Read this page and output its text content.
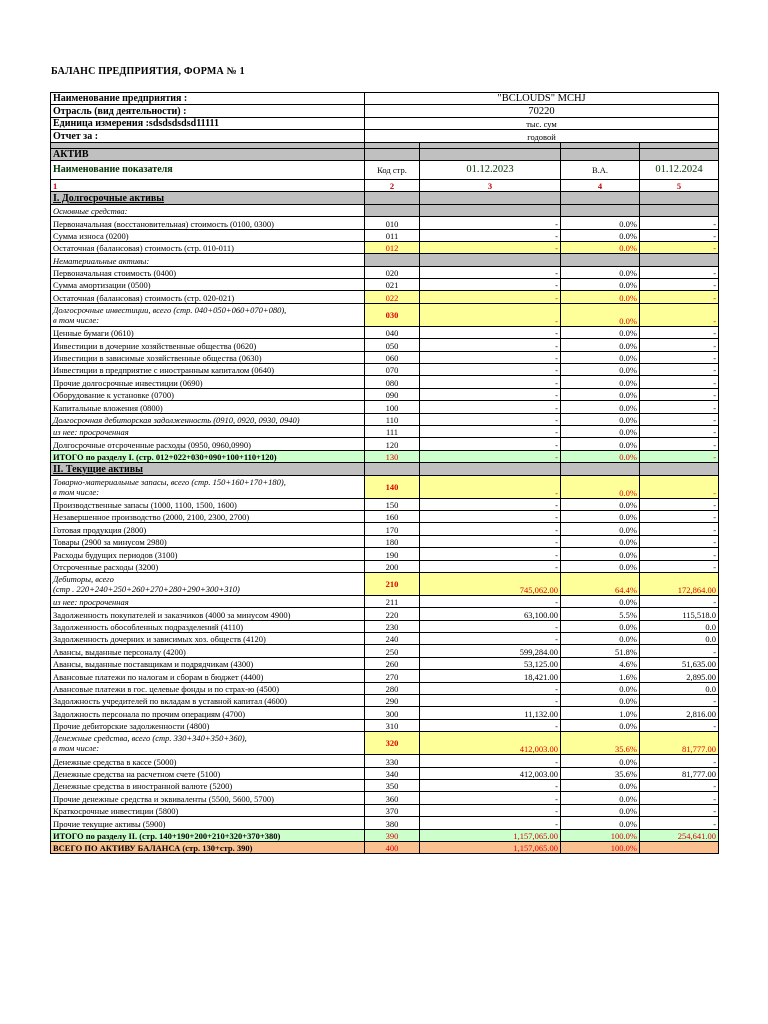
БАЛАНС ПРЕДПРИЯТИЯ, ФОРМА № 1
Наименование предприятия :	"BCLOUDS" MCHJ			
Отрасль (вид деятельности) :	70220			
Единица измерения :sdsdsdsdsd11111	тыс. сум			
Отчет за :	годовой			

АКТИВ				
Наименование показателя	Код стр.	01.12.2023	В.А.	01.12.2024
1	2	3	4	5
I. Долгосрочные активы				
Основные средства:				
Первоначальная (восстановительная) стоимость (0100, 0300)	010	-	0.0%	-
Сумма износа (0200)	011	-	0.0%	-
Остаточная (балансовая) стоимость (стр. 010-011)	012	-	0.0%	-
Нематериальные активы:				
Первоначальная стоимость (0400)	020	-	0.0%	-
Сумма амортизации (0500)	021	-	0.0%	-
Остаточная (балансовая) стоимость (стр. 020-021)	022	-	0.0%	-

Долгосрочные инвестиции, всего (стр. 040+050+060+070+080),
в том числе:	030	-	0.0%	-
Ценные бумаги (0610)	040	-	0.0%	-
Инвестиции в дочерние хозяйственные общества (0620)	050	-	0.0%	-
Инвестиции в зависимые хозяйственные общества (0630)	060	-	0.0%	-
Инвестиции в предприятие с иностранным капиталом (0640)	070	-	0.0%	-
Прочие долгосрочные инвестиции (0690)	080	-	0.0%	-
Оборудование к установке (0700)	090	-	0.0%	-
Капитальные вложения (0800)	100	-	0.0%	-
Долгосрочная дебиторская задолженность (0910, 0920, 0930, 0940)	110	-	0.0%	-
из нее: просроченная	111	-	0.0%	-
Долгосрочные отсроченные расходы (0950, 0960,0990)	120	-	0.0%	-
ИТОГО по разделу I. (стр. 012+022+030+090+100+110+120)	130	-	0.0%	-
II. Текущие активы				

Товарно-материальные запасы, всего (стр. 150+160+170+180),
в том числе:	140	-	0.0%	-
Производственные запасы (1000, 1100, 1500, 1600)	150	-	0.0%	-
Незавершенное производство (2000, 2100, 2300, 2700)	160	-	0.0%	-
Готовая продукция (2800)	170	-	0.0%	-
Товары (2900 за минусом 2980)	180	-	0.0%	-
Расходы будущих периодов (3100)	190	-	0.0%	-
Отсроченные расходы (3200)	200	-	0.0%	-

Дебиторы, всего
(стр . 220+240+250+260+270+280+290+300+310)	210	745,062.00	64.4%	172,864.00
из нее: просроченная	211	-	0.0%	-
Задолженность покупателей и заказчиков (4000 за минусом 4900)	220	63,100.00	5.5%	115,518.0
Задолженность обособленных подразделений (4110)	230	-	0.0%	0.0
Задолженность дочерних и зависимых хоз. обществ (4120)	240	-	0.0%	0.0
Авансы, выданные персоналу (4200)	250	599,284.00	51.8%	-
Авансы, выданные поставщикам и подрядчикам (4300)	260	53,125.00	4.6%	51,635.00
Авансовые платежи по налогам и сборам в бюджет (4400)	270	18,421.00	1.6%	2,895.00
Авансовые платежи в гос. целевые фонды и по страх-ю (4500)	280	-	0.0%	0.0
Задолжность учредителей по вкладам в уставной капитал (4600)	290	-	0.0%	-
Задолжность персонала по прочим операциям (4700)	300	11,132.00	1.0%	2,816.00
Прочие дебиторские задолженности (4800)	310	-	0.0%	-

Денежные средства, всего (стр. 330+340+350+360),
в том числе:	320	412,003.00	35.6%	81,777.00
Денежные средства в кассе (5000)	330	-	0.0%	-
Денежные средства на расчетном счете (5100)	340	412,003.00	35.6%	81,777.00
Денежные средства в иностранной валюте (5200)	350	-	0.0%	-
Прочие денежные средства и эквиваленты (5500, 5600, 5700)	360	-	0.0%	-
Краткосрочные инвестиции (5800)	370	-	0.0%	-
Прочие текущие активы (5900)	380	-	0.0%	-
ИТОГО по разделу II. (стр. 140+190+200+210+320+370+380)	390	1,157,065.00	100.0%	254,641.00
ВСЕГО ПО АКТИВУ БАЛАНСА (стр. 130+стр. 390)	400	1,157,065.00	100.0%	
